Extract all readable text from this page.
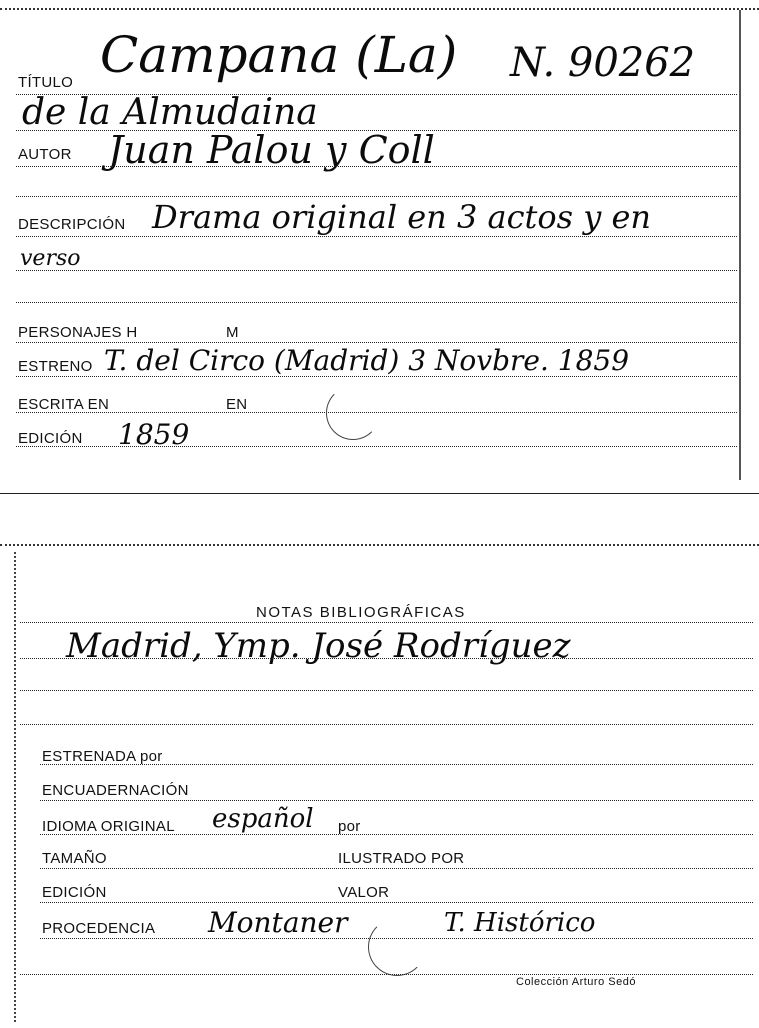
TÍTULO Campana (La) N. 90262
de la Almudaina
AUTOR Juan Palou y Coll
DESCRIPCIÓN Drama original en 3 actos y en
verso
PERSONAJES H	M
ESTRENO T. del Circo (Madrid) 3 Novbre. 1859
ESCRITA EN	EN
EDICIÓN 1859
NOTAS BIBLIOGRÁFICAS
Madrid, Ymp. José Rodríguez
ESTRENADA por
ENCUADERNACIÓN
IDIOMA ORIGINAL español por
TAMAÑO	ILUSTRADO POR
EDICIÓN	VALOR
PROCEDENCIA Montaner	T. Histórico
Colección Arturo Sedó
